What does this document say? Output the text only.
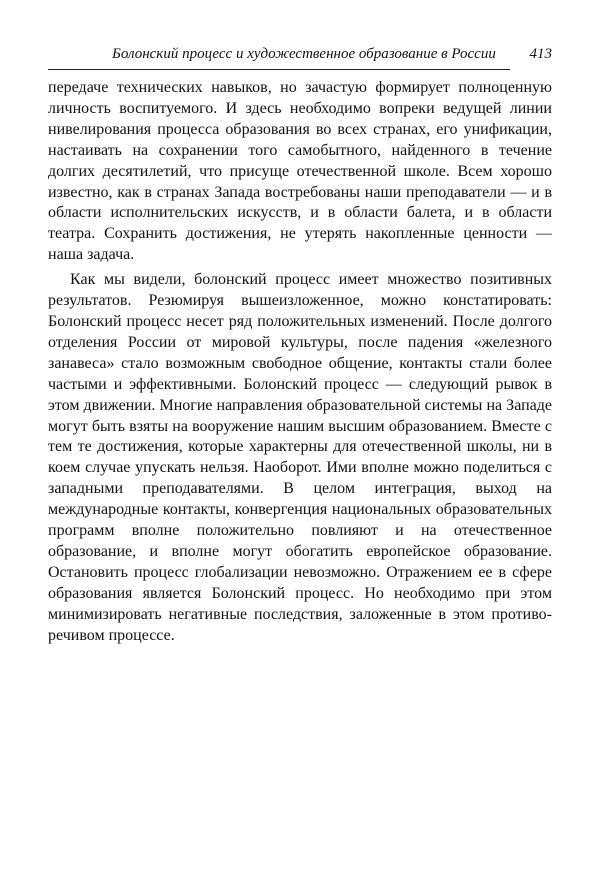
Болонский процесс и художественное образование в России 413

передаче технических навыков, но зачастую формирует полноценную личность воспитуемого. И здесь необходимо вопреки ведущей линии нивелирования процесса образования во всех странах, его унификации, настаивать на сохранении того самобытного, найденного в течение долгих десятилетий, что присуще отечественной школе. Всем хорошо известно, как в странах Запада востребованы наши преподаватели — и в области исполнительских искусств, и в области балета, и в области театра. Сохранить достижения, не утерять накопленные ценности — наша задача.

Как мы видели, болонский процесс имеет множество позитивных результатов. Резюмируя вышеизложенное, можно констатировать: Болонский процесс несет ряд положительных изменений. После долгого отделения России от мировой культуры, после падения «железного занавеса» стало возможным свободное общение, контакты стали более частыми и эффективными. Болонский процесс — следующий рывок в этом движении. Многие направления образовательной системы на Западе могут быть взяты на вооружение нашим высшим образованием. Вместе с тем те достижения, которые характерны для отечественной школы, ни в коем случае упускать нельзя. Наоборот. Ими вполне можно поделиться с западными преподавателями. В целом интеграция, выход на международные контакты, конвергенция национальных образовательных программ вполне положительно повлияют и на отечественное образование, и вполне могут обогатить европейское образование. Остановить процесс глобализации невозможно. Отражением ее в сфере образования является Болонский процесс. Но необходимо при этом минимизировать негативные последствия, заложенные в этом противоречивом процессе.
